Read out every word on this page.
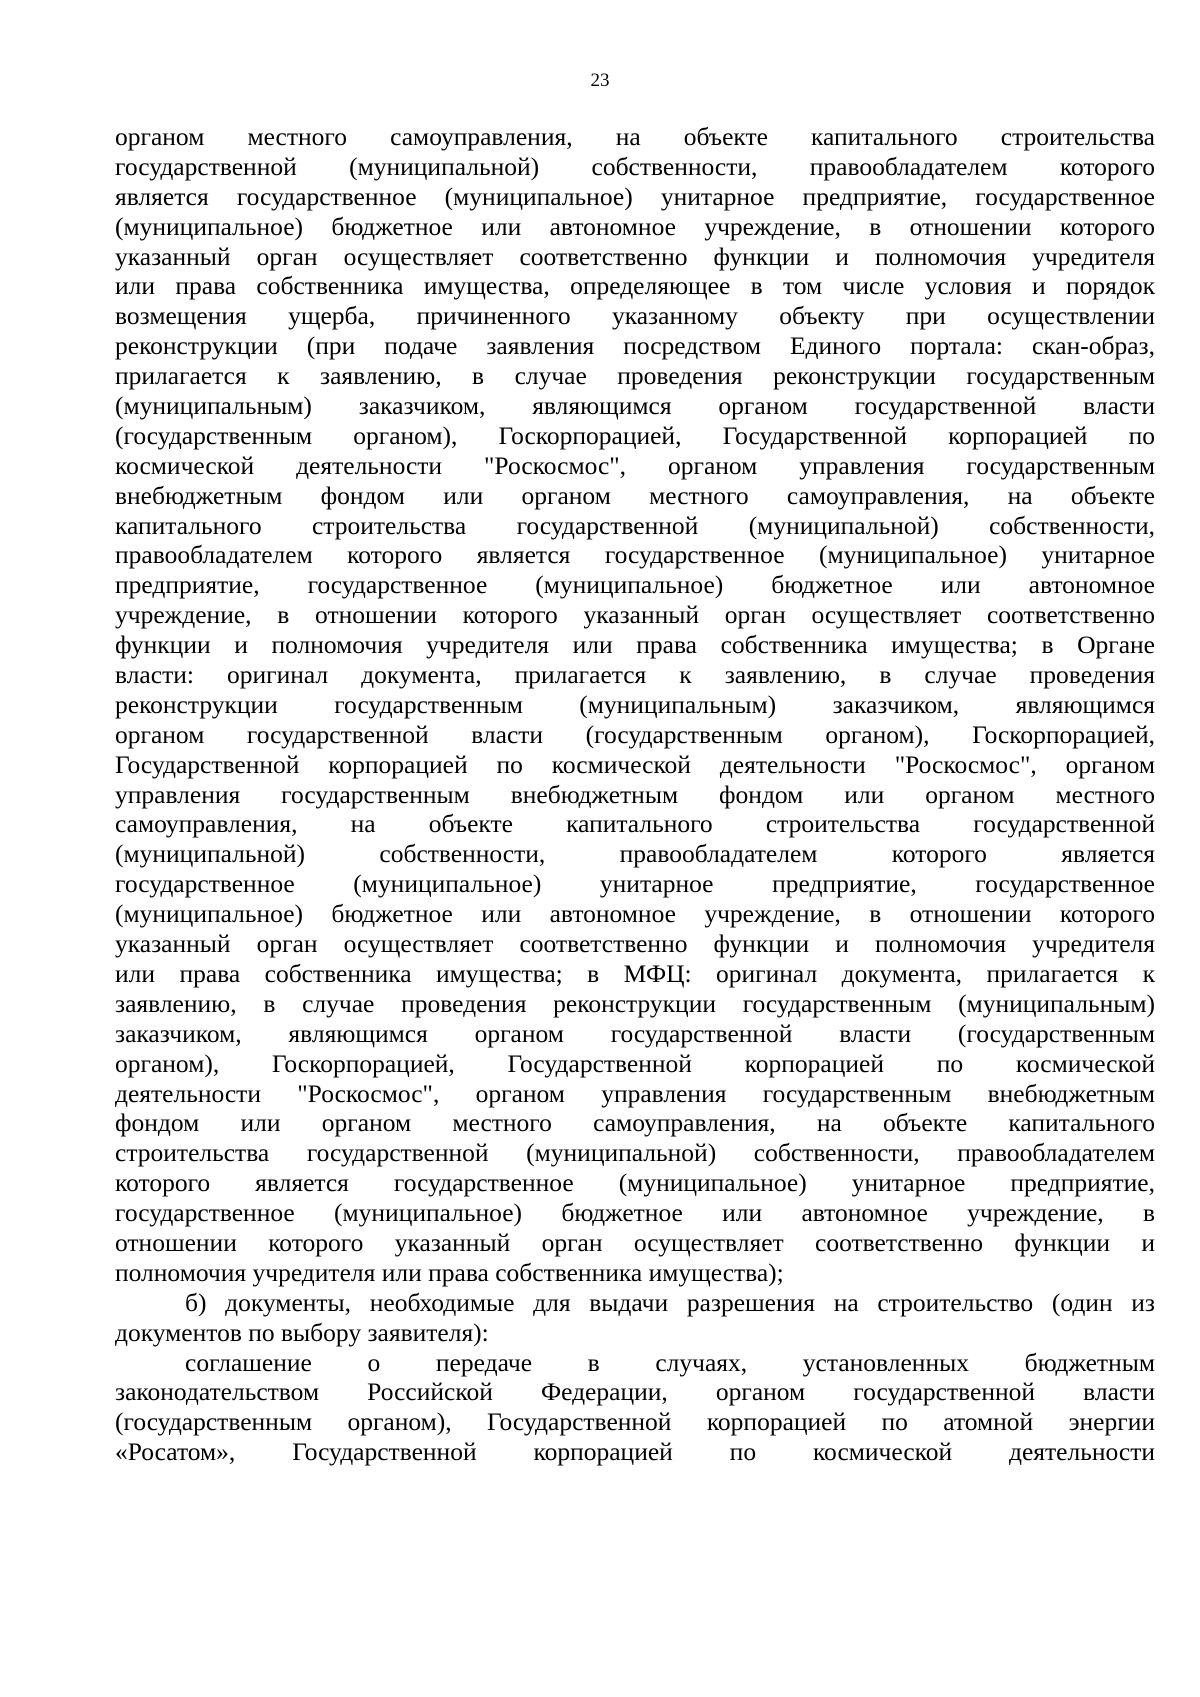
23
органом местного самоуправления, на объекте капитального строительства
государственной (муниципальной) собственности, правообладателем которого
является государственное (муниципальное) унитарное предприятие, государственное
(муниципальное) бюджетное или автономное учреждение, в отношении которого
указанный орган осуществляет соответственно функции и полномочия учредителя
или права собственника имущества, определяющее в том числе условия и порядок
возмещения ущерба, причиненного указанному объекту при осуществлении
реконструкции (при подаче заявления посредством Единого портала: скан-образ,
прилагается к заявлению, в случае проведения реконструкции государственным
(муниципальным) заказчиком, являющимся органом государственной власти
(государственным органом), Госкорпорацией, Государственной корпорацией по
космической деятельности "Роскосмос", органом управления государственным
внебюджетным фондом или органом местного самоуправления, на объекте
капитального строительства государственной (муниципальной) собственности,
правообладателем которого является государственное (муниципальное) унитарное
предприятие, государственное (муниципальное) бюджетное или автономное
учреждение, в отношении которого указанный орган осуществляет соответственно
функции и полномочия учредителя или права собственника имущества; в Органе
власти: оригинал документа, прилагается к заявлению, в случае проведения
реконструкции государственным (муниципальным) заказчиком, являющимся
органом государственной власти (государственным органом), Госкорпорацией,
Государственной корпорацией по космической деятельности "Роскосмос", органом
управления государственным внебюджетным фондом или органом местного
самоуправления, на объекте капитального строительства государственной
(муниципальной) собственности, правообладателем которого является
государственное (муниципальное) унитарное предприятие, государственное
(муниципальное) бюджетное или автономное учреждение, в отношении которого
указанный орган осуществляет соответственно функции и полномочия учредителя
или права собственника имущества; в МФЦ: оригинал документа, прилагается к
заявлению, в случае проведения реконструкции государственным (муниципальным)
заказчиком, являющимся органом государственной власти (государственным
органом), Госкорпорацией, Государственной корпорацией по космической
деятельности "Роскосмос", органом управления государственным внебюджетным
фондом или органом местного самоуправления, на объекте капитального
строительства государственной (муниципальной) собственности, правообладателем
которого является государственное (муниципальное) унитарное предприятие,
государственное (муниципальное) бюджетное или автономное учреждение, в
отношении которого указанный орган осуществляет соответственно функции и
полномочия учредителя или права собственника имущества);
б) документы, необходимые для выдачи разрешения на строительство (один из
документов по выбору заявителя):
соглашение о передаче в случаях, установленных бюджетным
законодательством Российской Федерации, органом государственной власти
(государственным органом), Государственной корпорацией по атомной энергии
«Росатом», Государственной корпорацией по космической деятельности
